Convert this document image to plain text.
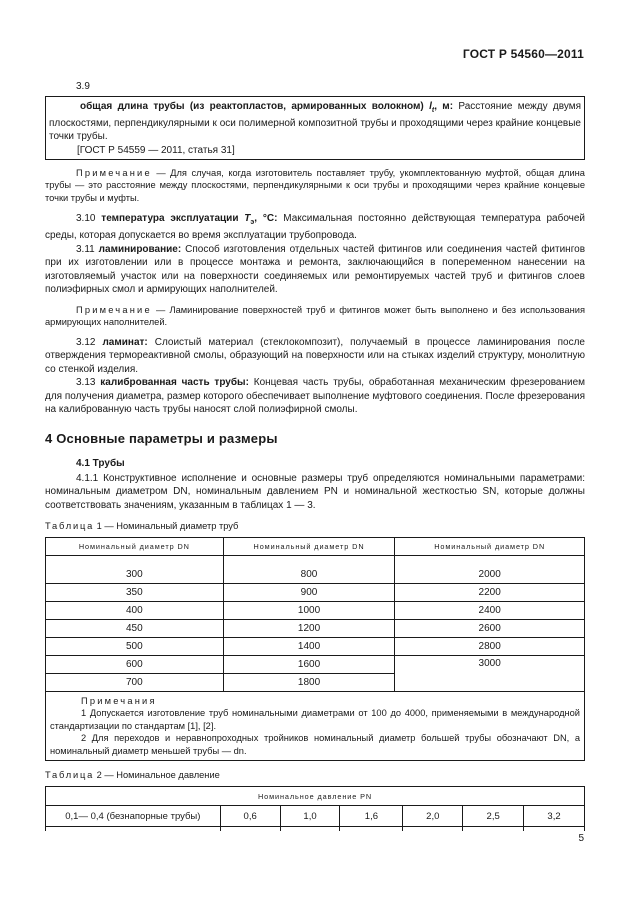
ГОСТ Р 54560—2011
3.9

общая длина трубы (из реактопластов, армированных волокном) $l_t$, м: Расстояние между двумя плоскостями, перпендикулярными к оси полимерной композитной трубы и проходящими через крайние концевые точки трубы.

[ГОСТ Р 54559 — 2011, статья 31]

Примечание — Для случая, когда изготовитель поставляет трубу, укомплектованную муфтой, общая длина трубы — это расстояние между плоскостями, перпендикулярными к оси трубы и проходящими через крайние концевые точки трубы и муфты.

3.10 температура эксплуатации $T_э$, °C: Максимальная постоянно действующая температура рабочей среды, которая допускается во время эксплуатации трубопровода.

3.11 ламинирование: Способ изготовления отдельных частей фитингов или соединения частей фитингов при их изготовлении или в процессе монтажа и ремонта, заключающийся в попеременном нанесении на изготовляемый участок или на поверхности соединяемых или ремонтируемых частей труб и фитингов слоев полиэфирных смол и армирующих наполнителей.

Примечание — Ламинирование поверхностей труб и фитингов может быть выполнено и без использования армирующих наполнителей.

3.12 ламинат: Слоистый материал (стеклокомпозит), получаемый в процессе ламинирования после отверждения термореактивной смолы, образующий на поверхности или на стыках изделий структуру, монолитную со стенкой изделия.

3.13 калиброванная часть трубы: Концевая часть трубы, обработанная механическим фрезерованием для получения диаметра, размер которого обеспечивает выполнение муфтового соединения. После фрезерования на калиброванную часть трубы наносят слой полиэфирной смолы.

4 Основные параметры и размеры
4.1 Трубы

4.1.1 Конструктивное исполнение и основные размеры труб определяются номинальными параметрами: номинальным диаметром DN, номинальным давлением PN и номинальной жесткостью SN, которые должны соответствовать значениям, указанным в таблицах 1 — 3.

Таблица 1 — Номинальный диаметр труб
Номинальный диаметр DN	Номинальный диаметр DN	Номинальный диаметр DN

300	800	2000
350	900	2200
400	1000	2400
450	1200	2600
500	1400	2800
600	1600	3000
700	1800	

Примечания

1 Допускается изготовление труб номинальными диаметрами от 100 до 4000, применяемыми в международной стандартизации по стандартам [1], [2].

2 Для переходов и неравнопроходных тройников номинальный диаметр большей трубы обозначают DN, а номинальный диаметр меньшей трубы — dn.		

Таблица 2 — Номинальное давление
Номинальное давление PN						
0,1— 0,4 (безнапорные трубы)	0,6	1,0	1,6	2,0	2,5	3,2

5
